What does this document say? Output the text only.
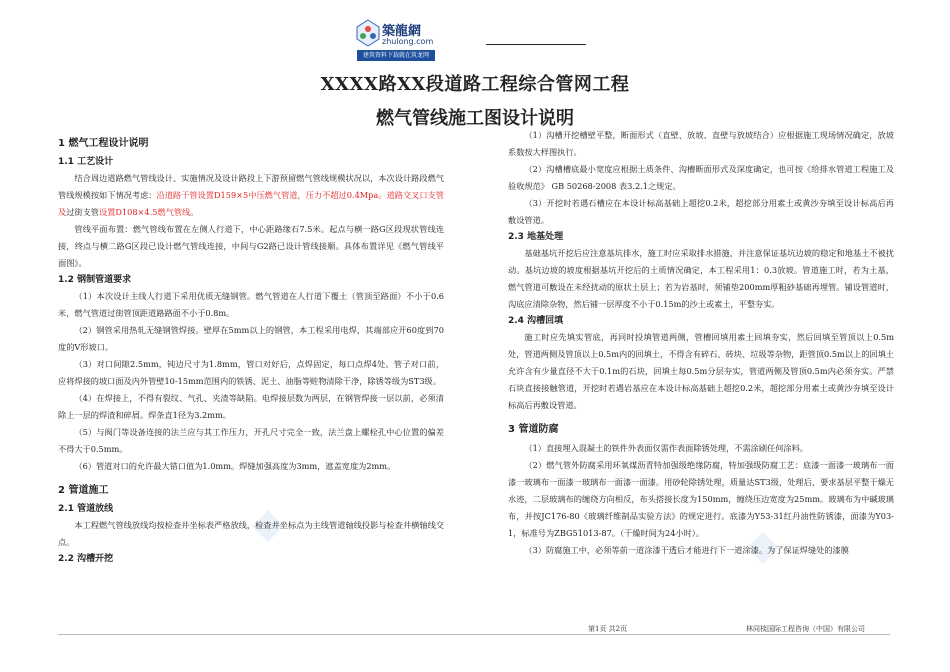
築龍網
zhulong.com
建筑资料下载就在筑龙网
XXXX路XX段道路工程综合管网工程
燃气管线施工图设计说明
1 燃气工程设计说明
1.1 工艺设计

结合周边道路燃气管线设计、实施情况及设计路段上下游预留燃气管线规模状况以，本次设计路段燃气管线规模按如下情况考虑：沿道路干管设置D159×5中压燃气管道，压力不超过0.4Mpa。道路交叉口支管及过街支管设置D108×4.5燃气管线。

管线平面布置：燃气管线布置在左侧人行道下，中心距路缘石7.5米。起点与横一路G区段现状管线连接，终点与横二路G区段已设计燃气管线连接，中间与G2路已设计管线接顺。具体布置详见《燃气管线平面图》。

1.2 钢制管道要求

（1）本次设计主线人行道下采用优质无缝钢管。燃气管道在人行道下覆土（管顶至路面）不小于0.6米，燃气管道过街管顶距道路路面不小于0.8m。

（2）钢管采用热轧无缝钢管焊接。壁厚在5mm以上的钢管，本工程采用电焊，其端部应开60度到70度的V形坡口。

（3）对口间隙2.5mm，钝边尺寸为1.8mm，管口对好后，点焊固定，每口点焊4处。管子对口前，应将焊接的坡口面及内外管壁10-15mm范围内的铁锈、泥土、油脂等赃物清除干净，除锈等级为ST3级。

（4）在焊接上，不得有裂纹、气孔、夹渣等缺陷。电焊接层数为两层，在钢管焊接一层以前，必须清除上一层的焊渣和碎屑。焊条直1径为3.2mm。

（5）与阀门等设备连接的法兰应与其工作压力，开孔尺寸完全一致，法兰盘上螺栓孔中心位置的偏差不得大于0.5mm。

（6）管道对口的允许最大错口值为1.0mm。焊缝加强高度为3mm，遮盖宽度为2mm。

2 管道施工
2.1 管道放线

本工程燃气管线放线均按检查井坐标表严格放线，检查井坐标点为主线管道轴线投影与检查井横轴线交点。

2.2 沟槽开挖

（1）沟槽开挖槽壁平整，断面形式（直壁、放坡、直壁与放坡结合）应根据施工现场情况确定，放坡系数按大样图执行。

（2）沟槽槽底最小宽度应根据土质条件、沟槽断面形式及深度确定，也可按《给排水管道工程施工及验收规范》 GB 50268-2008 表3.2.1之规定。

（3）开挖时若遇石槽应在本设计标高基础上超挖0.2米，超挖部分用素土或黄沙夯填至设计标高后再敷设管道。

2.3 地基处理

基础基坑开挖后应注意基坑排水，施工时应采取排水措施，并注意保证基坑边坡的稳定和地基土不被扰动。基坑边坡的坡度根据基坑开挖后的土质情况确定，本工程采用1：0.3放坡。管道施工时，若为土基，燃气管道可敷设在未经扰动的原状土层上；若为岩基时，须铺垫200mm厚粗砂基础再埋管。铺设管道时，沟底应清除杂物，然后铺一层厚度不小于0.15m的沙土或素土，平整夯实。

2.4 沟槽回填

施工时应先填实管底，再同时投填管道两侧，管槽回填用素土回填夯实，然后回填至管顶以上0.5m处，管道两侧及管顶以上0.5m内的回填土，不得含有碎石、砖块、垃圾等杂物，距管顶0.5m以上的回填土允许含有少量直径不大于0.1m的石块，回填土每0.5m分层夯实，管道两侧及管顶0.5m内必须夯实。严禁石块直接接触管道，开挖时若遇岩基应在本设计标高基础上超挖0.2米，超挖部分用素土或黄沙夯填至设计标高后再敷设管道。

3 管道防腐

（1）直接埋入混凝土的铁件外表面仅需作表面除锈处理，不需涂刷任何涂料。

（2）燃气管外防腐采用环氧煤沥青特加强级绝缘防腐，特加强级防腐工艺：底漆一面漆一玻璃布一面漆一玻璃布一面漆一玻璃布一面漆一面漆。用砂轮除锈处理，质量达ST3级，处理后，要求基层平整干燥无水迹，二层玻璃布的缠绕方向相反，布头搭接长度为150mm，缠绕压边宽度为25mm。玻璃布为中碱玻璃布，并按JC176-80《玻璃纤维制品实验方法》的规定进行。底漆为Y53-31红丹油性防锈漆，面漆为Y03-1，标准号为ZBG51013-87。（干燥时间为24小时）。

（3）防腐施工中，必须等前一道涂漆干透后才能进行下一道涂漆。为了保证焊缝处的漆膜

第1页 共2页	林同棪国际工程咨询（中国）有限公司
